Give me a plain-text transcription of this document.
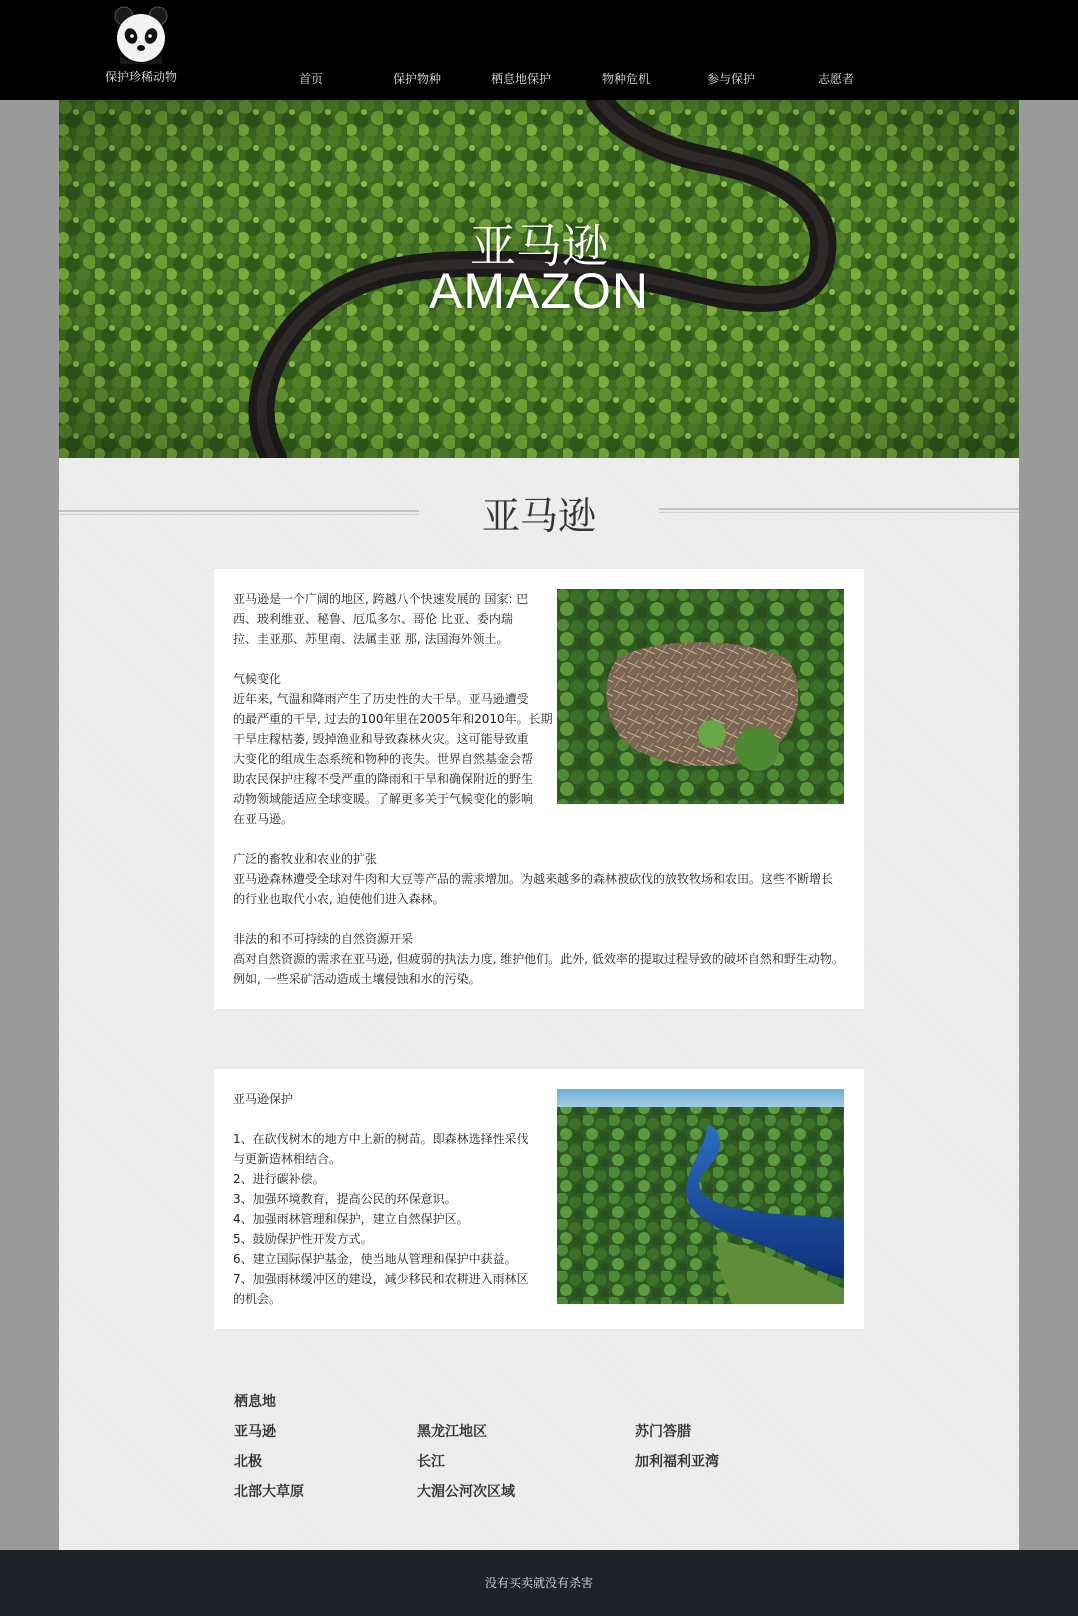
保护珍稀动物	首页	保护物种	栖息地保护	物种危机	参与保护	志愿者
亚马逊
AMAZON
亚马逊

亚马逊是一个广阔的地区, 跨越八个快速发展的 国家: 巴

西、玻利维亚、秘鲁、厄瓜多尔、哥伦 比亚、委内瑞

拉、圭亚那、苏里南、法属圭亚 那, 法国海外领土。

气候变化

近年来, 气温和降雨产生了历史性的大干旱。亚马逊遭受

的最严重的干旱, 过去的100年里在2005年和2010年。长期

干旱庄稼枯萎, 毁掉渔业和导致森林火灾。这可能导致重

大变化的组成生态系统和物种的丧失。世界自然基金会帮

助农民保护庄稼不受严重的降雨和干旱和确保附近的野生

动物领域能适应全球变暖。了解更多关于气候变化的影响

在亚马逊。

广泛的畜牧业和农业的扩张

亚马逊森林遭受全球对牛肉和大豆等产品的需求增加。为越来越多的森林被砍伐的放牧牧场和农田。这些不断增长

的行业也取代小农, 迫使他们进入森林。

非法的和不可持续的自然资源开采

高对自然资源的需求在亚马逊, 但疲弱的执法力度, 维护他们。此外, 低效率的提取过程导致的破坏自然和野生动物。

例如, 一些采矿活动造成土壤侵蚀和水的污染。

亚马逊保护

1、在砍伐树木的地方中上新的树苗。即森林选择性采伐

与更新造林相结合。

2、进行碳补偿。

3、加强环境教育，提高公民的环保意识。

4、加强雨林管理和保护，建立自然保护区。

5、鼓励保护性开发方式。

6、建立国际保护基金，使当地从管理和保护中获益。

7、加强雨林缓冲区的建设，减少移民和农耕进入雨林区

的机会。

栖息地
亚马逊	黑龙江地区	苏门答腊
北极	长江	加利福利亚湾
北部大草原	大湄公河次区域
没有买卖就没有杀害
